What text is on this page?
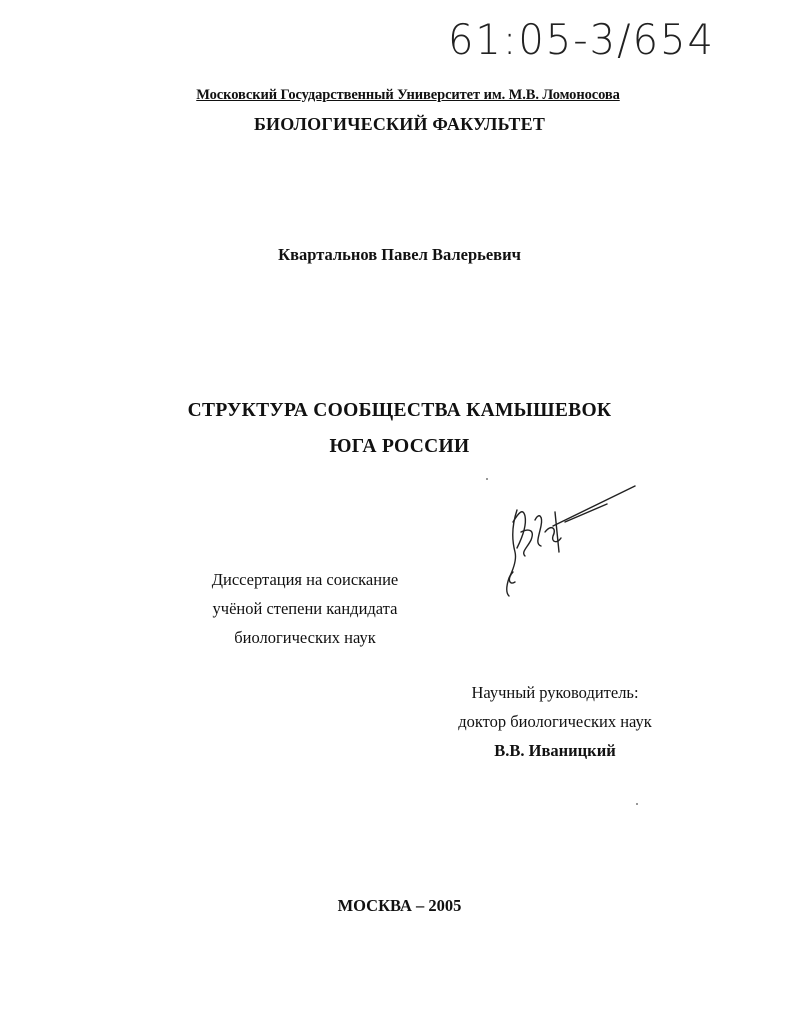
61:05-3/654
Московский Государственный Университет им. М.В. Ломоносова
БИОЛОГИЧЕСКИЙ ФАКУЛЬТЕТ
Квартальнов Павел Валерьевич
СТРУКТУРА СООБЩЕСТВА КАМЫШЕВОК
ЮГА РОССИИ
Диссертация на соискание
учёной степени кандидата
биологических наук
Научный руководитель:
доктор биологических наук
В.В. Иваницкий
МОСКВА – 2005
